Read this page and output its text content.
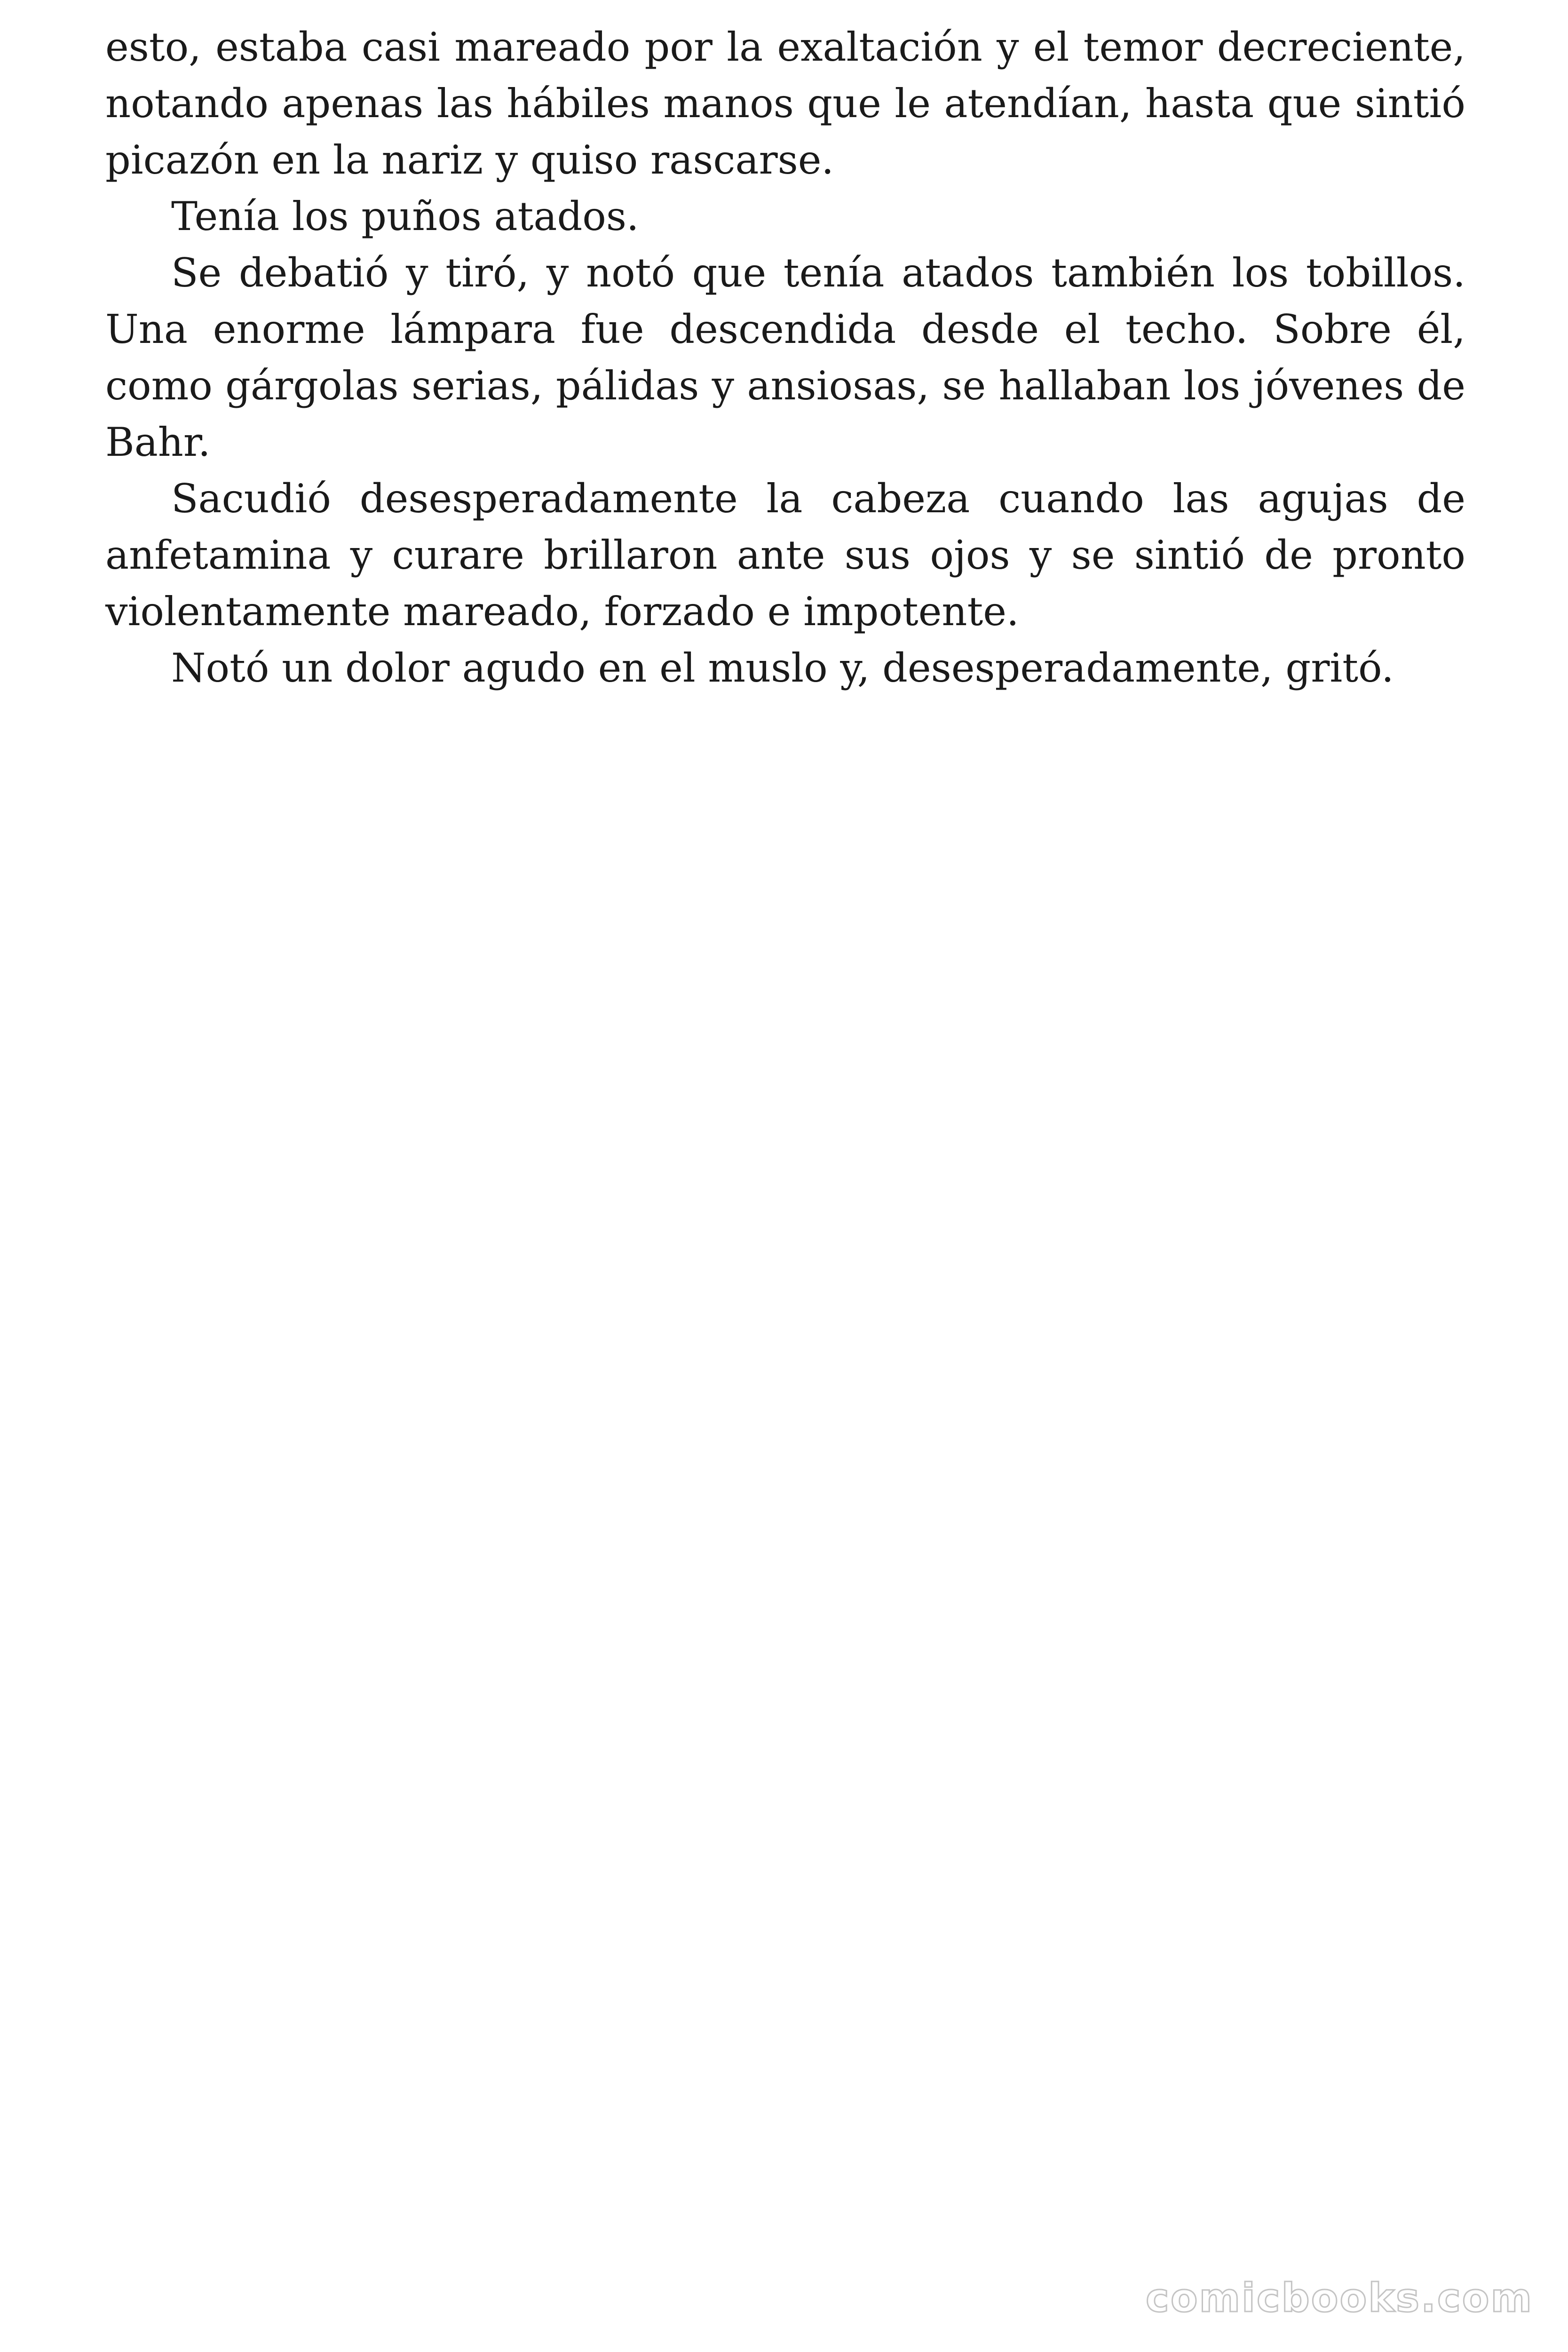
esto, estaba casi mareado por la exaltación y el temor decreciente, notando apenas las hábiles manos que le atendían, hasta que sintió picazón en la nariz y quiso rascarse.

Tenía los puños atados.

Se debatió y tiró, y notó que tenía atados también los tobillos. Una enorme lámpara fue descendida desde el techo. Sobre él, como gárgolas serias, pálidas y ansiosas, se hallaban los jóvenes de Bahr.

Sacudió desesperadamente la cabeza cuando las agujas de anfetamina y curare brillaron ante sus ojos y se sintió de pronto violentamente mareado, forzado e impotente.

Notó un dolor agudo en el muslo y, desesperadamente, gritó.

comicbooks.com
